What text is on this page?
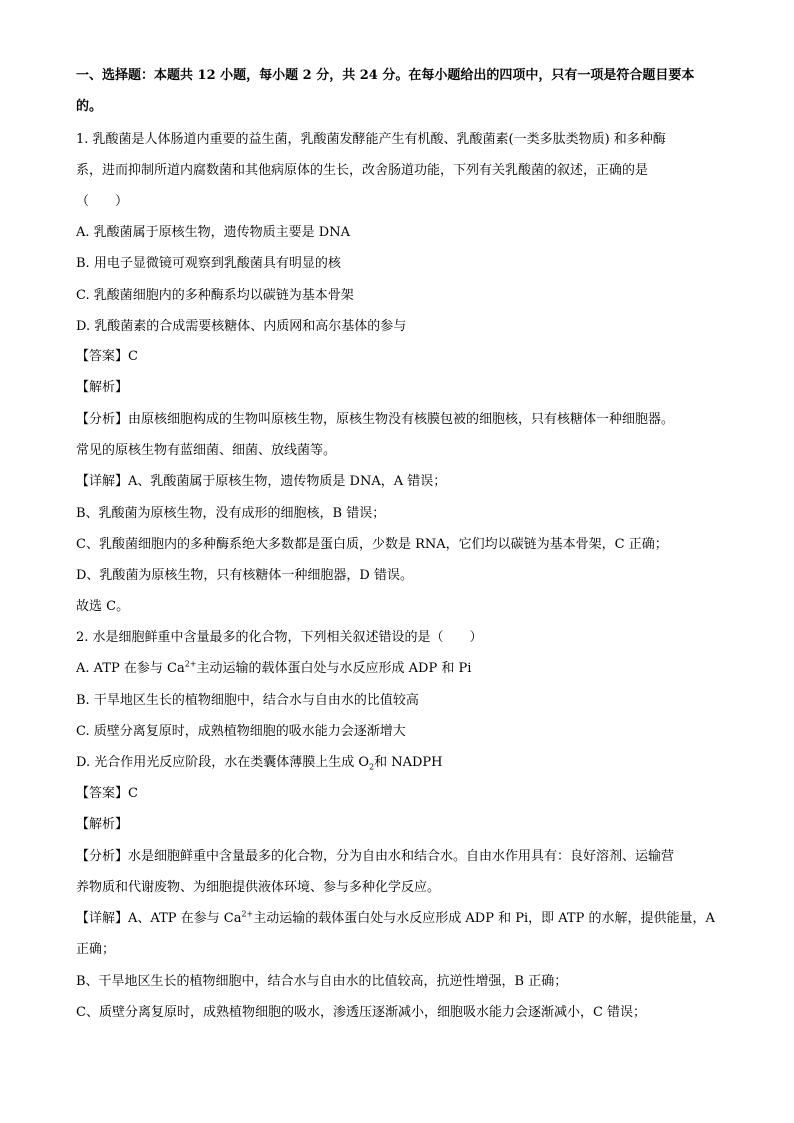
一、选择题：本题共 12 小题，每小题 2 分，共 24 分。在每小题给出的四项中，只有一项是符合题目要本
的。
1. 乳酸菌是人体肠道内重要的益生菌，乳酸菌发酵能产生有机酸、乳酸菌素(一类多肽类物质) 和多种酶
系，进而抑制所道内腐数菌和其他病原体的生长，改舍肠道功能，下列有关乳酸菌的叙述，正确的是
（　　）
A. 乳酸菌属于原核生物，遗传物质主要是 DNA
B. 用电子显微镜可观察到乳酸菌具有明显的核
C. 乳酸菌细胞内的多种酶系均以碳链为基本骨架
D. 乳酸菌素的合成需要核糖体、内质网和高尔基体的参与
【答案】C
【解析】
【分析】由原核细胞构成的生物叫原核生物，原核生物没有核膜包被的细胞核，只有核糖体一种细胞器。
常见的原核生物有蓝细菌、细菌、放线菌等。
【详解】A、乳酸菌属于原核生物，遗传物质是 DNA，A 错误；
B、乳酸菌为原核生物，没有成形的细胞核，B 错误；
C、乳酸菌细胞内的多种酶系绝大多数都是蛋白质，少数是 RNA，它们均以碳链为基本骨架，C 正确；
D、乳酸菌为原核生物，只有核糖体一种细胞器，D 错误。
故选 C。
2. 水是细胞鲜重中含量最多的化合物，下列相关叙述错设的是（　　）
A. ATP 在参与 $Ca^{2+}$主动运输的载体蛋白处与水反应形成 ADP 和 Pi
B. 干旱地区生长的植物细胞中，结合水与自由水的比值较高
C. 质壁分离复原时，成熟植物细胞的吸水能力会逐渐增大
D. 光合作用光反应阶段，水在类囊体薄膜上生成 $O_2$和 NADPH
【答案】C
【解析】
【分析】水是细胞鲜重中含量最多的化合物，分为自由水和结合水。自由水作用具有：良好溶剂、运输营
养物质和代谢废物、为细胞提供液体环境、参与多种化学反应。
【详解】A、ATP 在参与 $Ca^{2+}$主动运输的载体蛋白处与水反应形成 ADP 和 Pi，即 ATP 的水解，提供能量，A
正确；
B、干旱地区生长的植物细胞中，结合水与自由水的比值较高，抗逆性增强，B 正确；
C、质壁分离复原时，成熟植物细胞的吸水，渗透压逐渐减小，细胞吸水能力会逐渐减小，C 错误；
